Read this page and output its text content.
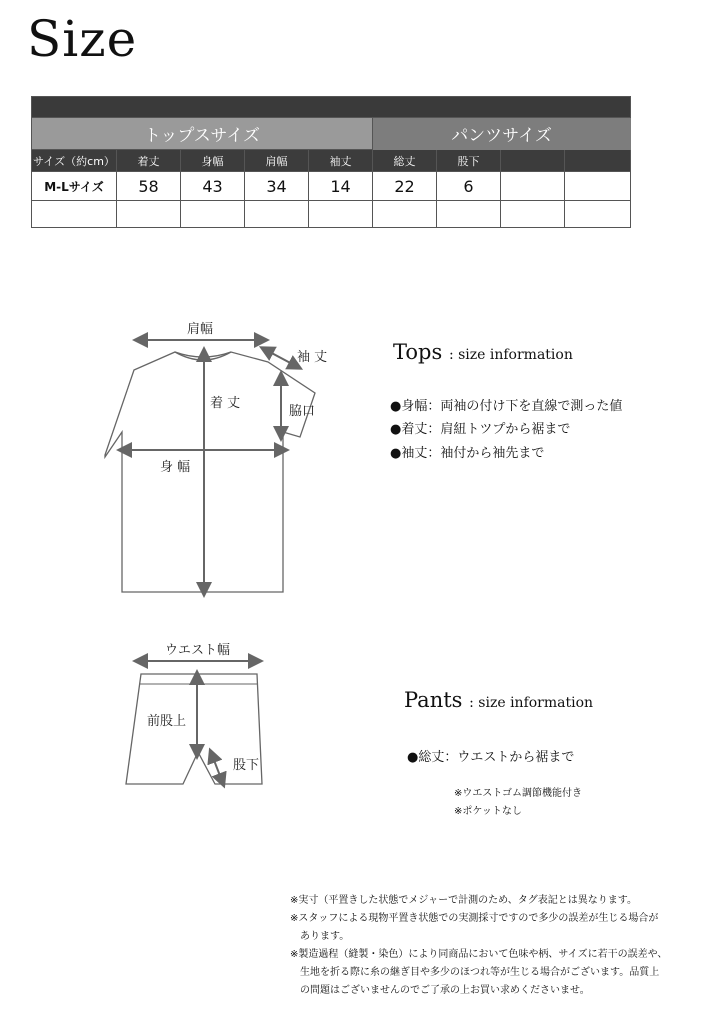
Size

トップスサイズ					パンツサイズ			
サイズ（約cm）	着丈	身幅	肩幅	袖丈	総丈	股下		
M-Lサイズ	58	43	34	14	22	6		

肩幅
袖 丈
着 丈
脇口
身 幅
ウエスト幅
前股上
股下
Tops : size information
●身幅：両袖の付け下を直線で測った値
●着丈：肩紐トツプから裾まで
●袖丈：袖付から袖先まで
Pants : size information
●総丈：ウエストから裾まで
※ウエストゴム調節機能付き
※ポケットなし
※実寸（平置きした状態でメジャーで計測のため、タグ表記とは異なります。
※スタッフによる現物平置き状態での実測採寸ですので多少の誤差が生じる場合が
　あります。
※製造過程（縫製・染色）により同商品において色味や柄、サイズに若干の誤差や、
　生地を折る際に糸の継ぎ目や多少のほつれ等が生じる場合がございます。品質上
　の問題はございませんのでご了承の上お買い求めくださいませ。
